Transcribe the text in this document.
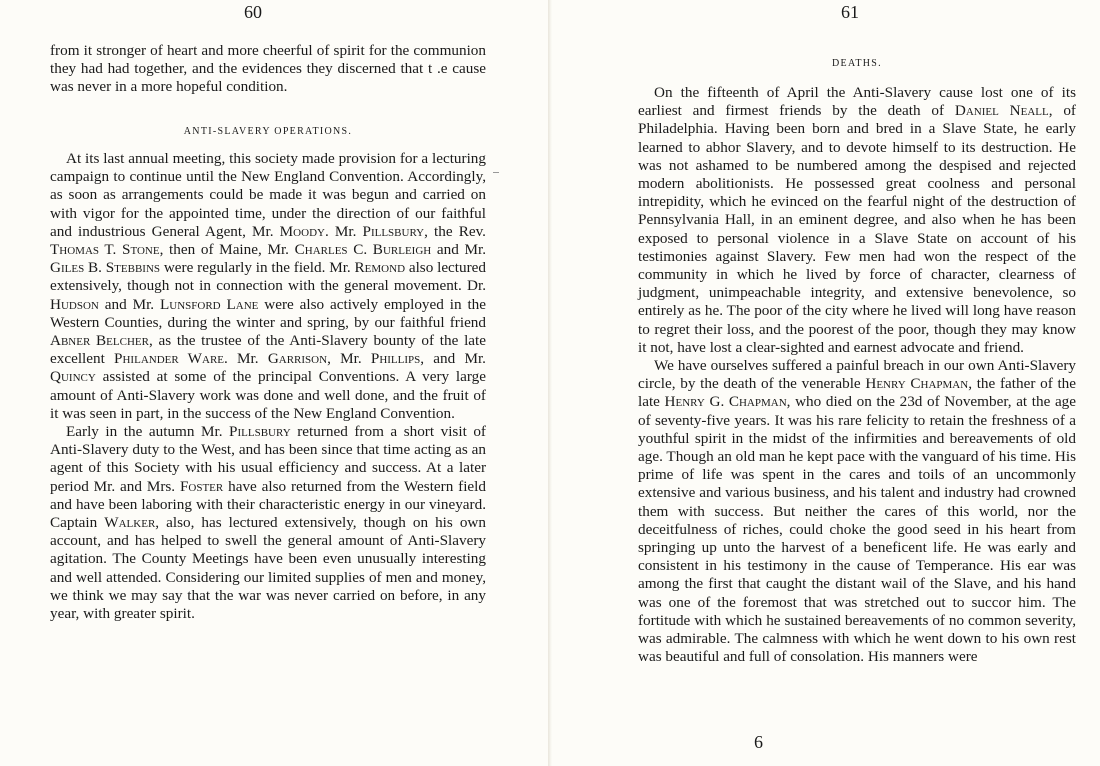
60

from it stronger of heart and more cheerful of spirit for the communion they had had together, and the evidences they discerned that t .e cause was never in a more hopeful condition.

ANTI-SLAVERY OPERATIONS.

At its last annual meeting, this society made provision for a lecturing campaign to continue until the New England Convention. Accordingly, as soon as arrangements could be made it was begun and carried on with vigor for the appointed time, under the direction of our faithful and industrious General Agent, Mr. Moody. Mr. Pillsbury, the Rev. Thomas T. Stone, then of Maine, Mr. Charles C. Burleigh and Mr. Giles B. Stebbins were regularly in the field. Mr. Remond also lectured extensively, though not in connection with the general movement. Dr. Hudson and Mr. Lunsford Lane were also actively employed in the Western Counties, during the winter and spring, by our faithful friend Abner Belcher, as the trustee of the Anti-Slavery bounty of the late excellent Philander Ware. Mr. Garrison, Mr. Phillips, and Mr. Quincy assisted at some of the principal Conventions. A very large amount of Anti-Slavery work was done and well done, and the fruit of it was seen in part, in the success of the New England Convention.

Early in the autumn Mr. Pillsbury returned from a short visit of Anti-Slavery duty to the West, and has been since that time acting as an agent of this Society with his usual efficiency and success. At a later period Mr. and Mrs. Foster have also returned from the Western field and have been laboring with their characteristic energy in our vineyard. Captain Walker, also, has lectured extensively, though on his own account, and has helped to swell the general amount of Anti-Slavery agitation. The County Meetings have been even unusually interesting and well attended. Considering our limited supplies of men and money, we think we may say that the war was never carried on before, in any year, with greater spirit.

61
DEATHS.

On the fifteenth of April the Anti-Slavery cause lost one of its earliest and firmest friends by the death of Daniel Neall, of Philadelphia. Having been born and bred in a Slave State, he early learned to abhor Slavery, and to devote himself to its destruction. He was not ashamed to be numbered among the despised and rejected modern abolitionists. He possessed great coolness and personal intrepidity, which he evinced on the fearful night of the destruction of Pennsylvania Hall, in an eminent degree, and also when he has been exposed to personal violence in a Slave State on account of his testimonies against Slavery. Few men had won the respect of the community in which he lived by force of character, clearness of judgment, unimpeachable integrity, and extensive benevolence, so entirely as he. The poor of the city where he lived will long have reason to regret their loss, and the poorest of the poor, though they may know it not, have lost a clear-sighted and earnest advocate and friend.

We have ourselves suffered a painful breach in our own Anti-Slavery circle, by the death of the venerable Henry Chapman, the father of the late Henry G. Chapman, who died on the 23d of November, at the age of seventy-five years. It was his rare felicity to retain the freshness of a youthful spirit in the midst of the infirmities and bereavements of old age. Though an old man he kept pace with the vanguard of his time. His prime of life was spent in the cares and toils of an uncommonly extensive and various business, and his talent and industry had crowned them with success. But neither the cares of this world, nor the deceitfulness of riches, could choke the good seed in his heart from springing up unto the harvest of a beneficent life. He was early and consistent in his testimony in the cause of Temperance. His ear was among the first that caught the distant wail of the Slave, and his hand was one of the foremost that was stretched out to succor him. The fortitude with which he sustained bereavements of no common severity, was admirable. The calmness with which he went down to his own rest was beautiful and full of consolation. His manners were

6
